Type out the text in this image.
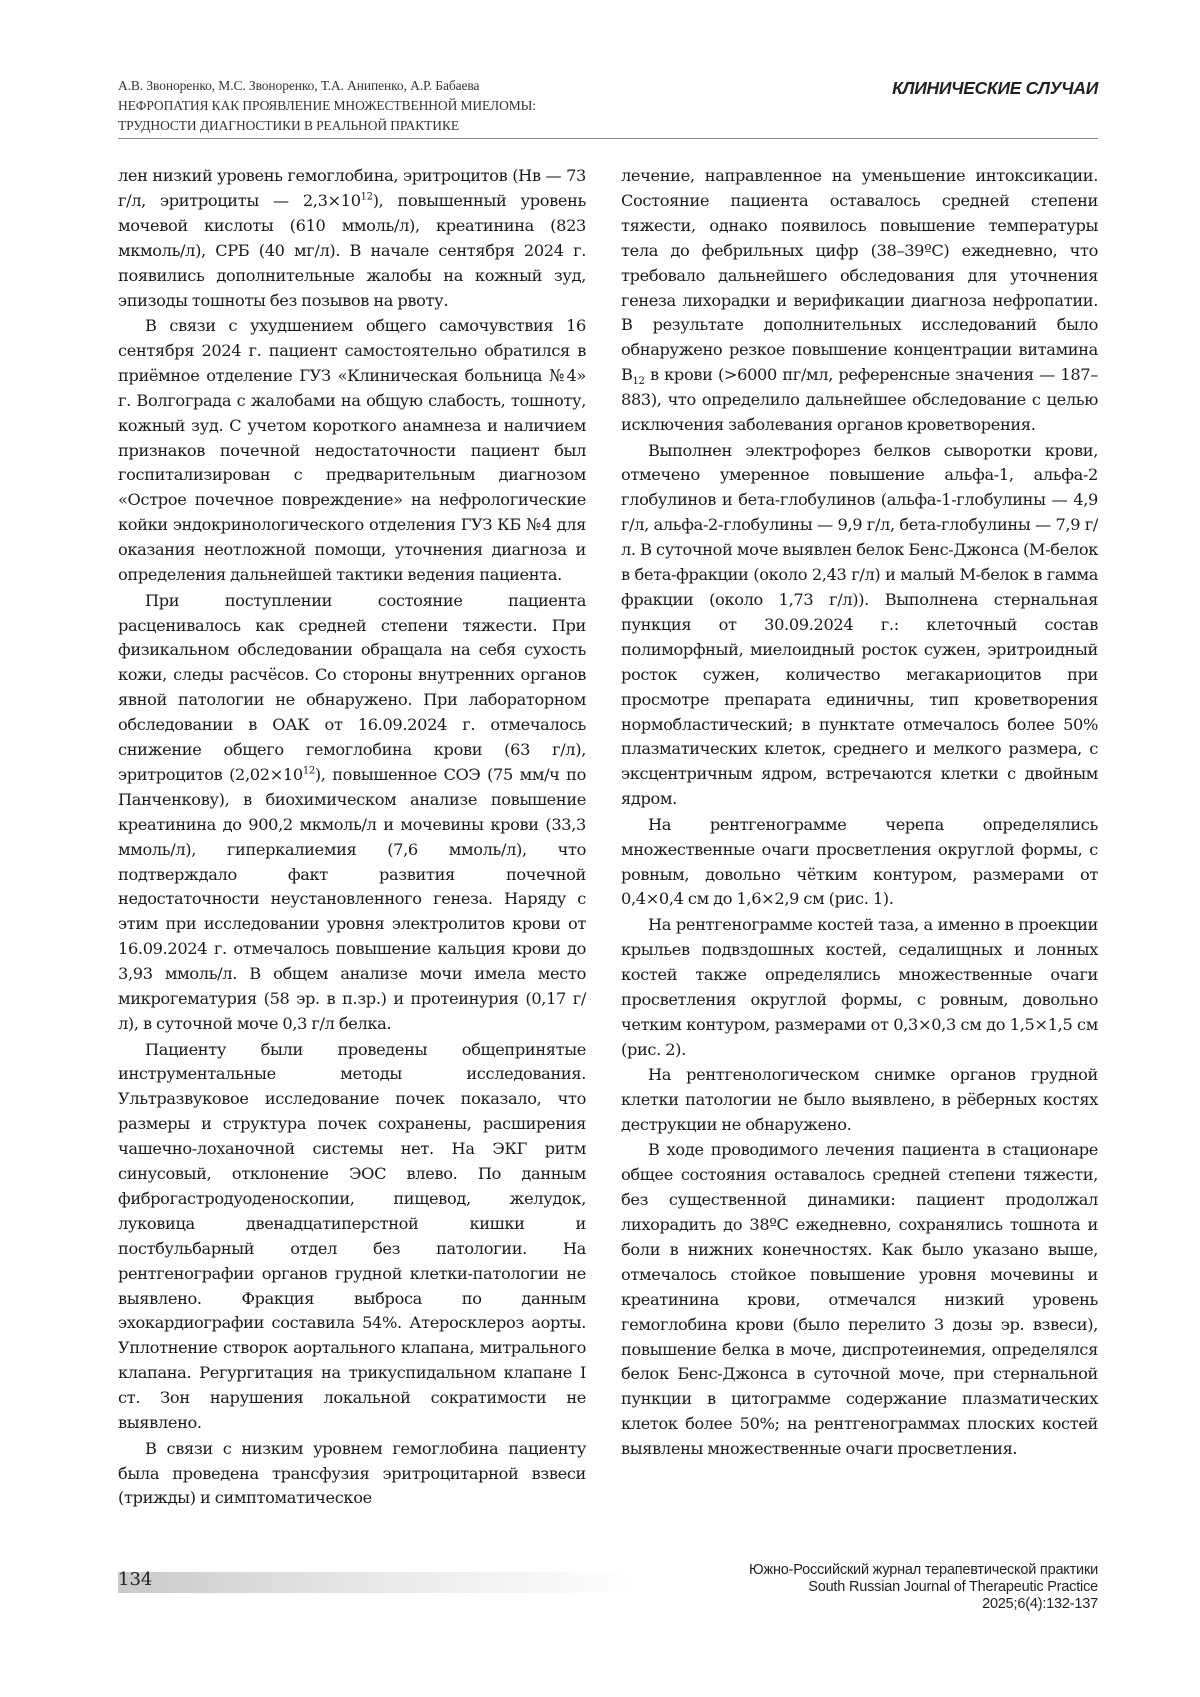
А.В. Звоноренко, М.С. Звоноренко, Т.А. Анипенко, А.Р. Бабаева
НЕФРОПАТИЯ КАК ПРОЯВЛЕНИЕ МНОЖЕСТВЕННОЙ МИЕЛОМЫ:
ТРУДНОСТИ ДИАГНОСТИКИ В РЕАЛЬНОЙ ПРАКТИКЕ
КЛИНИЧЕСКИЕ СЛУЧАИ

лен низкий уровень гемоглобина, эритроцитов (Нв — 73 г/л, эритроциты — $2,3\times 10^{12}$), повышенный уровень мочевой кислоты (610 ммоль/л), креатинина (823 мкмоль/л), СРБ (40 мг/л). В начале сентября 2024 г. появились дополнительные жалобы на кожный зуд, эпизоды тошноты без позывов на рвоту.

В связи с ухудшением общего самочувствия 16 сентября 2024 г. пациент самостоятельно обратился в приёмное отделение ГУЗ «Клиническая больница №4» г. Волгограда с жалобами на общую слабость, тошноту, кожный зуд. С учетом короткого анамнеза и наличием признаков почечной недостаточности пациент был госпитализирован с предварительным диагнозом «Острое почечное повреждение» на нефрологические койки эндокринологического отделения ГУЗ КБ №4 для оказания неотложной помощи, уточнения диагноза и определения дальнейшей тактики ведения пациента.

При поступлении состояние пациента расценивалось как средней степени тяжести. При физикальном обследовании обращала на себя сухость кожи, следы расчёсов. Со стороны внутренних органов явной патологии не обнаружено. При лабораторном обследовании в ОАК от 16.09.2024 г. отмечалось снижение общего гемоглобина крови (63 г/л), эритроцитов $(2,02\times 10^{12})$, повышенное СОЭ (75 мм/ч по Панченкову), в биохимическом анализе повышение креатинина до 900,2 мкмоль/л и мочевины крови (33,3 ммоль/л), гиперкалиемия (7,6 ммоль/л), что подтверждало факт развития почечной недостаточности неустановленного генеза. Наряду с этим при исследовании уровня электролитов крови от 16.09.2024 г. отмечалось повышение кальция крови до 3,93 ммоль/л. В общем анализе мочи имела место микрогематурия (58 эр. в п.зр.) и протеинурия (0,17 г/л), в суточной моче 0,3 г/л белка.

Пациенту были проведены общепринятые инструментальные методы исследования. Ультразвуковое исследование почек показало, что размеры и структура почек сохранены, расширения чашечно-лоханочной системы нет. На ЭКГ ритм синусовый, отклонение ЭОС влево. По данным фиброгастродуоденоскопии, пищевод, желудок, луковица двенадцатиперстной кишки и постбульбарный отдел без патологии. На рентгенографии органов грудной клетки-патологии не выявлено. Фракция выброса по данным эхокардиографии составила 54%. Атеросклероз аорты. Уплотнение створок аортального клапана, митрального клапана. Регургитация на трикуспидальном клапане I ст. Зон нарушения локальной сократимости не выявлено.

В связи с низким уровнем гемоглобина пациенту была проведена трансфузия эритроцитарной взвеси (трижды) и симптоматическое

лечение, направленное на уменьшение интоксикации. Состояние пациента оставалось средней степени тяжести, однако появилось повышение температуры тела до фебрильных цифр (38–39ºС) ежедневно, что требовало дальнейшего обследования для уточнения генеза лихорадки и верификации диагноза нефропатии. В результате дополнительных исследований было обнаружено резкое повышение концентрации витамина $В_{12}$ в крови (>6000 пг/мл, референсные значения — 187–883), что определило дальнейшее обследование с целью исключения заболевания органов кроветворения.

Выполнен электрофорез белков сыворотки крови, отмечено умеренное повышение альфа-1, альфа-2 глобулинов и бета-глобулинов (альфа-1-глобулины — 4,9 г/л, альфа-2-глобулины — 9,9 г/л, бета-глобулины — 7,9 г/л. В суточной моче выявлен белок Бенс-Джонса (М-белок в бета-фракции (около 2,43 г/л) и малый М-белок в гамма фракции (около 1,73 г/л)). Выполнена стернальная пункция от 30.09.2024 г.: клеточный состав полиморфный, миелоидный росток сужен, эритроидный росток сужен, количество мегакариоцитов при просмотре препарата единичны, тип кроветворения нормобластический; в пунктате отмечалось более 50% плазматических клеток, среднего и мелкого размера, с эксцентричным ядром, встречаются клетки с двойным ядром.

На рентгенограмме черепа определялись множественные очаги просветления округлой формы, с ровным, довольно чётким контуром, размерами от 0,4×0,4 см до 1,6×2,9 см (рис. 1).

На рентгенограмме костей таза, а именно в проекции крыльев подвздошных костей, седалищных и лонных костей также определялись множественные очаги просветления округлой формы, с ровным, довольно четким контуром, размерами от 0,3×0,3 см до 1,5×1,5 см (рис. 2).

На рентгенологическом снимке органов грудной клетки патологии не было выявлено, в рёберных костях деструкции не обнаружено.

В ходе проводимого лечения пациента в стационаре общее состояния оставалось средней степени тяжести, без существенной динамики: пациент продолжал лихорадить до 38ºС ежедневно, сохранялись тошнота и боли в нижних конечностях. Как было указано выше, отмечалось стойкое повышение уровня мочевины и креатинина крови, отмечался низкий уровень гемоглобина крови (было перелито 3 дозы эр. взвеси), повышение белка в моче, диспротеинемия, определялся белок Бенс-Джонса в суточной моче, при стернальной пункции в цитограмме содержание плазматических клеток более 50%; на рентгенограммах плоских костей выявлены множественные очаги просветления.

134	Южно-Российский журнал терапевтической практики
South Russian Journal of Therapeutic Practice
2025;6(4):132-137
